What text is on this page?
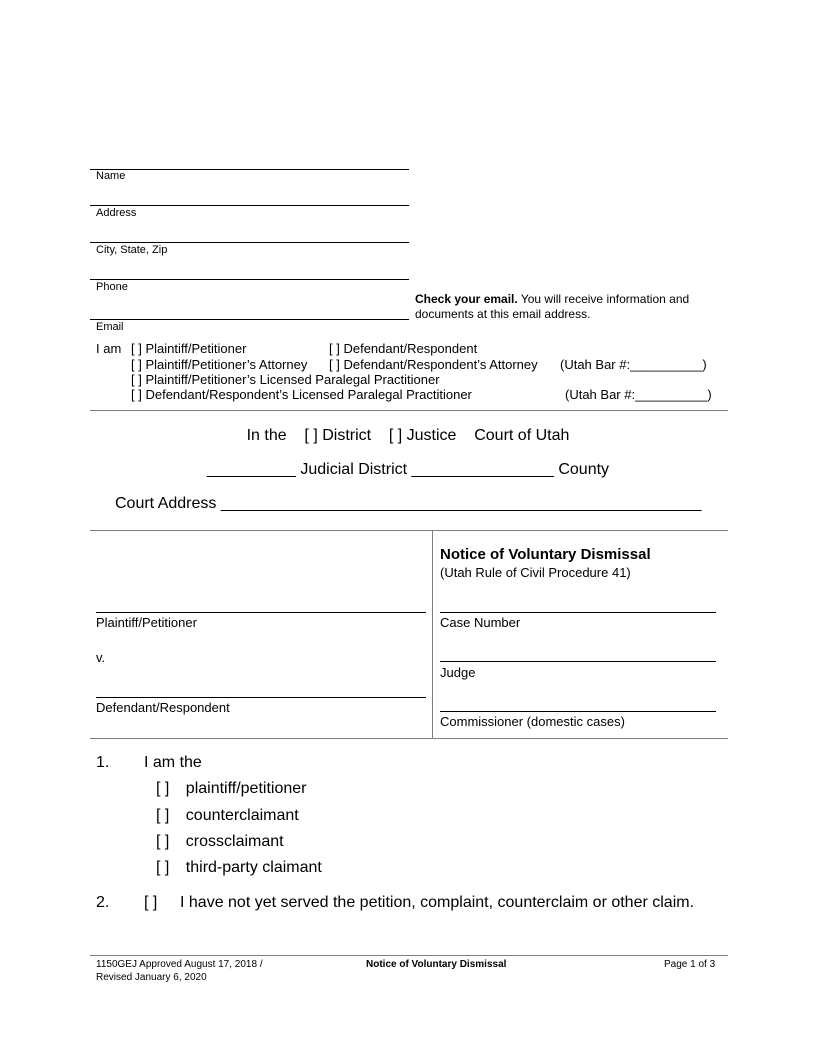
Name
Address
City, State, Zip
Phone
Email
Check your email. You will receive information and documents at this email address.
I am [ ] Plaintiff/Petitioner	[ ] Defendant/Respondent
[ ] Plaintiff/Petitioner’s Attorney [ ] Defendant/Respondent’s Attorney (Utah Bar #:__________)
[ ] Plaintiff/Petitioner’s Licensed Paralegal Practitioner
[ ] Defendant/Respondent’s Licensed Paralegal Practitioner	(Utah Bar #:__________)
In the    [ ] District    [ ] Justice    Court of Utah
__________ Judicial District ________________ County
Court Address ______________________________________________________
Notice of Voluntary Dismissal
(Utah Rule of Civil Procedure 41)
Plaintiff/Petitioner
v.
Defendant/Respondent
Case Number
Judge
Commissioner (domestic cases)
1. I am the
[ ] plaintiff/petitioner
[ ] counterclaimant
[ ] crossclaimant
[ ] third-party claimant
2. [ ] I have not yet served the petition, complaint, counterclaim or other claim.
1150GEJ Approved August 17, 2018 /
Revised January 6, 2020
Notice of Voluntary Dismissal	Page 1 of 3
